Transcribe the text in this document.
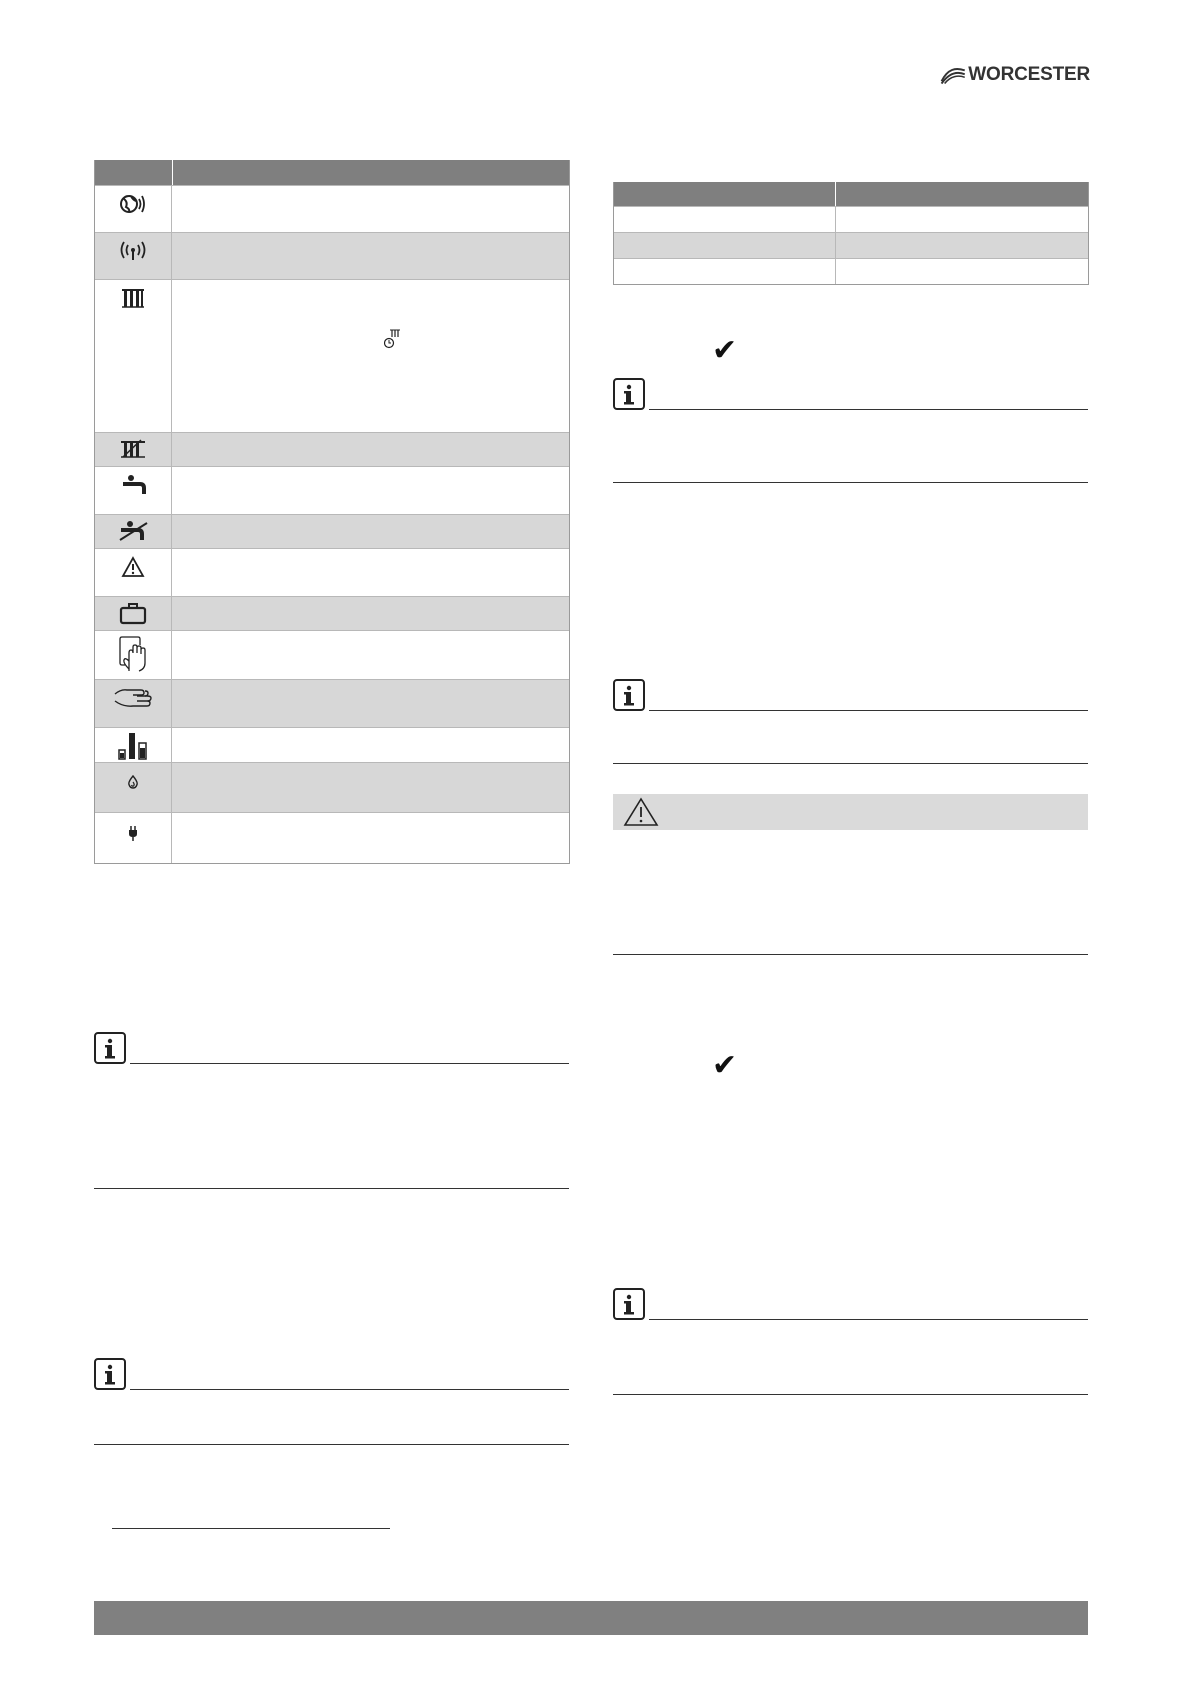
WORCESTER
✔
✔
